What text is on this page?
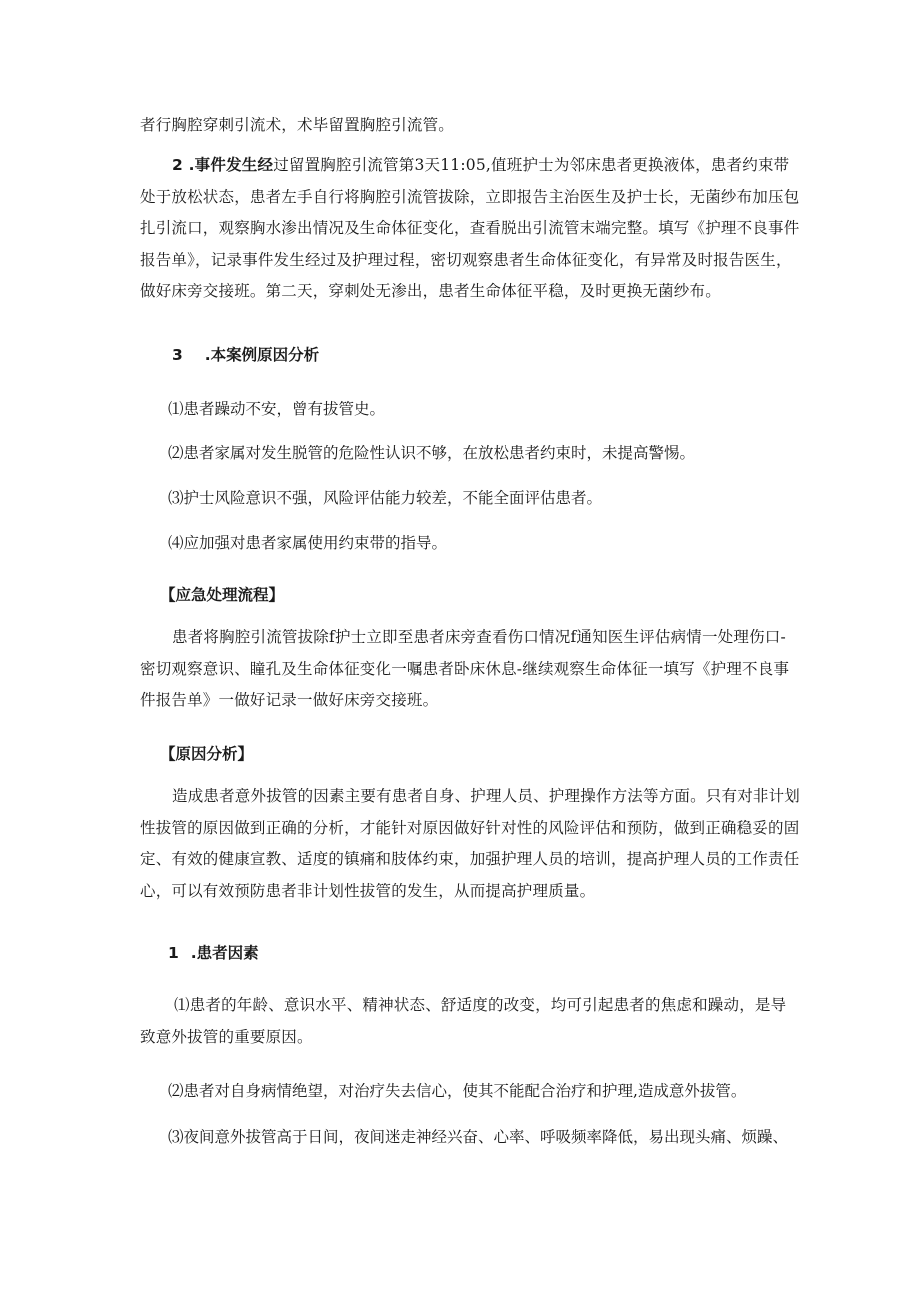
者行胸腔穿刺引流术，术毕留置胸腔引流管。

2 .事件发生经过留置胸腔引流管第3天11:05,值班护士为邻床患者更换液体，患者约束带处于放松状态，患者左手自行将胸腔引流管拔除，立即报告主治医生及护士长，无菌纱布加压包扎引流口，观察胸水渗出情况及生命体征变化，查看脱出引流管末端完整。填写《护理不良事件报告单》，记录事件发生经过及护理过程，密切观察患者生命体征变化，有异常及时报告医生，做好床旁交接班。第二天，穿刺处无渗出，患者生命体征平稳，及时更换无菌纱布。

3 .本案例原因分析

⑴患者躁动不安，曾有拔管史。

⑵患者家属对发生脱管的危险性认识不够，在放松患者约束时，未提高警惕。

⑶护士风险意识不强，风险评估能力较差，不能全面评估患者。

⑷应加强对患者家属使用约束带的指导。

【应急处理流程】

患者将胸腔引流管拔除f护士立即至患者床旁查看伤口情况f通知医生评估病情一处理伤口-密切观察意识、瞳孔及生命体征变化一嘱患者卧床休息-继续观察生命体征一填写《护理不良事件报告单》一做好记录一做好床旁交接班。

【原因分析】

造成患者意外拔管的因素主要有患者自身、护理人员、护理操作方法等方面。只有对非计划性拔管的原因做到正确的分析，才能针对原因做好针对性的风险评估和预防，做到正确稳妥的固定、有效的健康宣教、适度的镇痛和肢体约束，加强护理人员的培训，提高护理人员的工作责任心，可以有效预防患者非计划性拔管的发生，从而提高护理质量。

1 .患者因素

⑴患者的年龄、意识水平、精神状态、舒适度的改变，均可引起患者的焦虑和躁动，是导致意外拔管的重要原因。

⑵患者对自身病情绝望，对治疗失去信心，使其不能配合治疗和护理,造成意外拔管。

⑶夜间意外拔管高于日间，夜间迷走神经兴奋、心率、呼吸频率降低，易出现头痛、烦躁、
